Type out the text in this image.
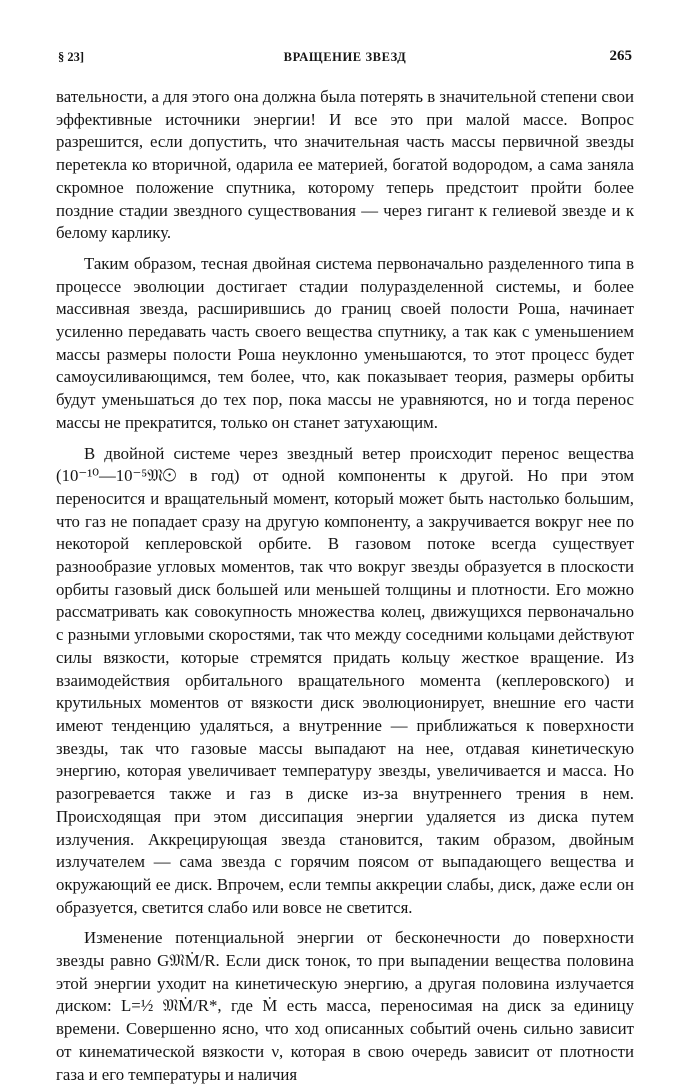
§ 23]	ВРАЩЕНИЕ ЗВЕЗД	265

вательности, а для этого она должна была потерять в значительной степени свои эффективные источники энергии! И все это при малой массе. Вопрос разрешится, если допустить, что значительная часть массы первичной звезды перетекла ко вторичной, одарила ее материей, богатой водородом, а сама заняла скромное положение спутника, которому теперь предстоит пройти более поздние стадии звездного существования — через гигант к гелиевой звезде и к белому карлику.

Таким образом, тесная двойная система первоначально разделенного типа в процессе эволюции достигает стадии полуразделенной системы, и более массивная звезда, расширившись до границ своей полости Роша, начинает усиленно передавать часть своего вещества спутнику, а так как с уменьшением массы размеры полости Роша неуклонно уменьшаются, то этот процесс будет самоусиливающимся, тем более, что, как показывает теория, размеры орбиты будут уменьшаться до тех пор, пока массы не уравняются, но и тогда перенос массы не прекратится, только он станет затухающим.

В двойной системе через звездный ветер происходит перенос вещества (10⁻¹⁰—10⁻⁵𝔐☉ в год) от одной компоненты к другой. Но при этом переносится и вращательный момент, который может быть настолько большим, что газ не попадает сразу на другую компоненту, а закручивается вокруг нее по некоторой кеплеровской орбите. В газовом потоке всегда существует разнообразие угловых моментов, так что вокруг звезды образуется в плоскости орбиты газовый диск большей или меньшей толщины и плотности. Его можно рассматривать как совокупность множества колец, движущихся первоначально с разными угловыми скоростями, так что между соседними кольцами действуют силы вязкости, которые стремятся придать кольцу жесткое вращение. Из взаимодействия орбитального вращательного момента (кеплеровского) и крутильных моментов от вязкости диск эволюционирует, внешние его части имеют тенденцию удаляться, а внутренние — приближаться к поверхности звезды, так что газовые массы выпадают на нее, отдавая кинетическую энергию, которая увеличивает температуру звезды, увеличивается и масса. Но разогревается также и газ в диске из-за внутреннего трения в нем. Происходящая при этом диссипация энергии удаляется из диска путем излучения. Аккрецирующая звезда становится, таким образом, двойным излучателем — сама звезда с горячим поясом от выпадающего вещества и окружающий ее диск. Впрочем, если темпы аккреции слабы, диск, даже если он образуется, светится слабо или вовсе не светится.

Изменение потенциальной энергии от бесконечности до поверхности звезды равно G𝔐Ṁ/R. Если диск тонок, то при выпадении вещества половина этой энергии уходит на кинетическую энергию, а другая половина излучается диском: L=½ 𝔐Ṁ/R*, где Ṁ есть масса, переносимая на диск за единицу времени. Совершенно ясно, что ход описанных событий очень сильно зависит от кинематической вязкости ν, которая в свою очередь зависит от плотности газа и его температуры и наличия
